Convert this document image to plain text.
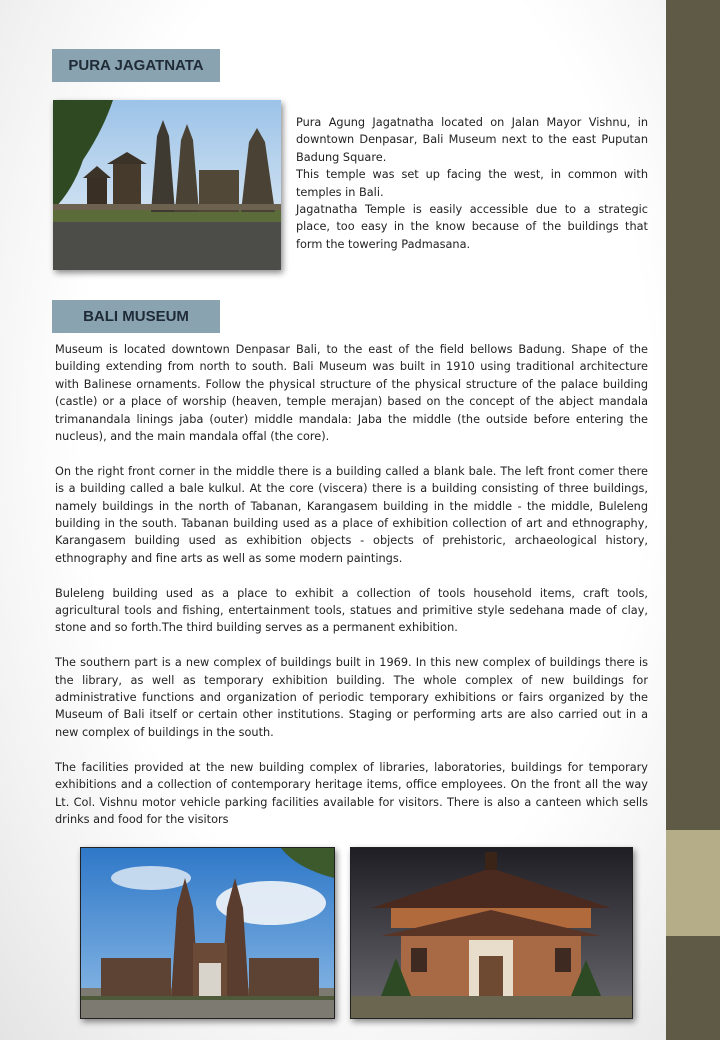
PURA JAGATNATA

Pura Agung Jagatnatha located on Jalan Mayor Vishnu, in downtown Denpasar, Bali Museum next to the east Puputan Badung Square.

This temple was set up facing the west, in common with temples in Bali.

Jagatnatha Temple is easily accessible due to a strategic place, too easy in the know because of the buildings that form the towering Padmasana.

BALI MUSEUM

Museum is located downtown Denpasar Bali, to the east of the field bellows Badung. Shape of the building extending from north to south. Bali Museum was built in 1910 using traditional architecture with Balinese ornaments. Follow the physical structure of the physical structure of the palace building (castle) or a place of worship (heaven, temple merajan) based on the concept of the abject mandala trimanandala linings jaba (outer) middle mandala: Jaba the middle (the outside before entering the nucleus), and the main mandala offal (the core).

On the right front corner in the middle there is a building called a blank bale. The left front comer there is a building called a bale kulkul. At the core (viscera) there is a building consisting of three buildings, namely buildings in the north of Tabanan, Karangasem building in the middle - the middle, Buleleng building in the south. Tabanan building used as a place of exhibition collection of art and ethnography, Karangasem building used as exhibition objects - objects of prehistoric, archaeological history, ethnography and fine arts as well as some modern paintings.

Buleleng building used as a place to exhibit a collection of tools household items, craft tools, agricultural tools and fishing, entertainment tools, statues and primitive style sedehana made of clay, stone and so forth.The third building serves as a permanent exhibition.

The southern part is a new complex of buildings built in 1969. In this new complex of buildings there is the library, as well as temporary exhibition building. The whole complex of new buildings for administrative functions and organization of periodic temporary exhibitions or fairs organized by the Museum of Bali itself or certain other institutions. Staging or performing arts are also carried out in a new complex of buildings in the south.

The facilities provided at the new building complex of libraries, laboratories, buildings for temporary exhibitions and a collection of contemporary heritage items, office employees. On the front all the way Lt. Col. Vishnu motor vehicle parking facilities available for visitors. There is also a canteen which sells drinks and food for the visitors
